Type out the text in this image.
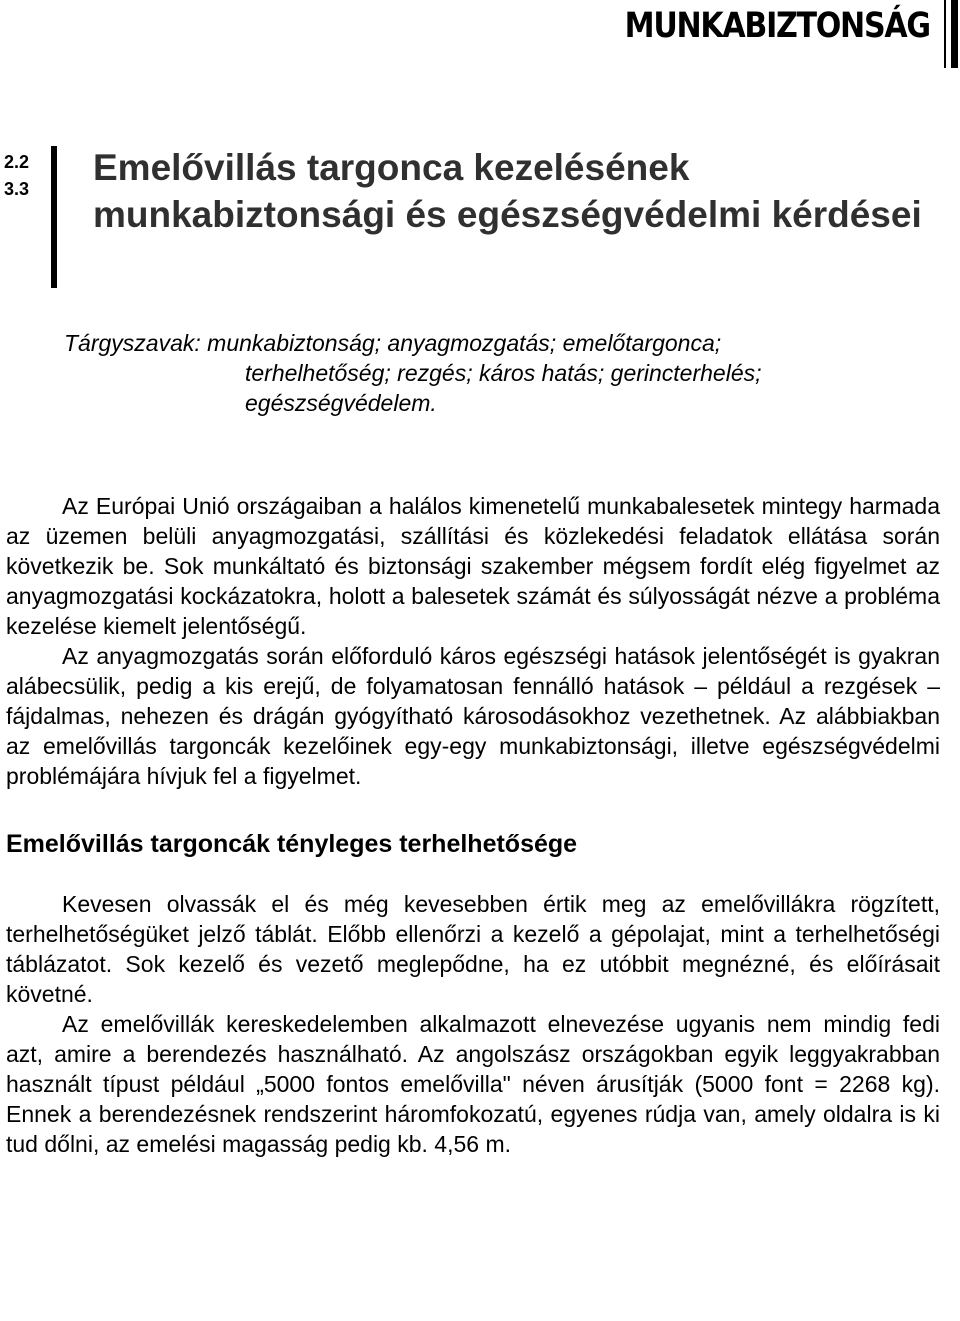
MUNKABIZTONSÁG
2.2
3.3
Emelővillás targonca kezelésének munkabiztonsági és egészségvédelmi kérdései
Tárgyszavak: munkabiztonság; anyagmozgatás; emelőtargonca;
terhelhetőség; rezgés; káros hatás; gerincterhelés;
egészségvédelem.

Az Európai Unió országaiban a halálos kimenetelű munkabalesetek mintegy harmada az üzemen belüli anyagmozgatási, szállítási és közlekedési feladatok ellátása során következik be. Sok munkáltató és biztonsági szakember mégsem fordít elég figyelmet az anyagmozgatási kockázatokra, holott a balesetek számát és súlyosságát nézve a probléma kezelése kiemelt jelentőségű.

Az anyagmozgatás során előforduló káros egészségi hatások jelentőségét is gyakran alábecsülik, pedig a kis erejű, de folyamatosan fennálló hatások – például a rezgések – fájdalmas, nehezen és drágán gyógyítható károsodásokhoz vezethetnek. Az alábbiakban az emelővillás targoncák kezelőinek egy-egy munkabiztonsági, illetve egészségvédelmi problémájára hívjuk fel a figyelmet.

Emelővillás targoncák tényleges terhelhetősége

Kevesen olvassák el és még kevesebben értik meg az emelővillákra rögzített, terhelhetőségüket jelző táblát. Előbb ellenőrzi a kezelő a gépolajat, mint a terhelhetőségi táblázatot. Sok kezelő és vezető meglepődne, ha ez utóbbit megnézné, és előírásait követné.

Az emelővillák kereskedelemben alkalmazott elnevezése ugyanis nem mindig fedi azt, amire a berendezés használható. Az angolszász országokban egyik leggyakrabban használt típust például „5000 fontos emelővilla" néven árusítják (5000 font = 2268 kg). Ennek a berendezésnek rendszerint háromfokozatú, egyenes rúdja van, amely oldalra is ki tud dőlni, az emelési magasság pedig kb. 4,56 m.
